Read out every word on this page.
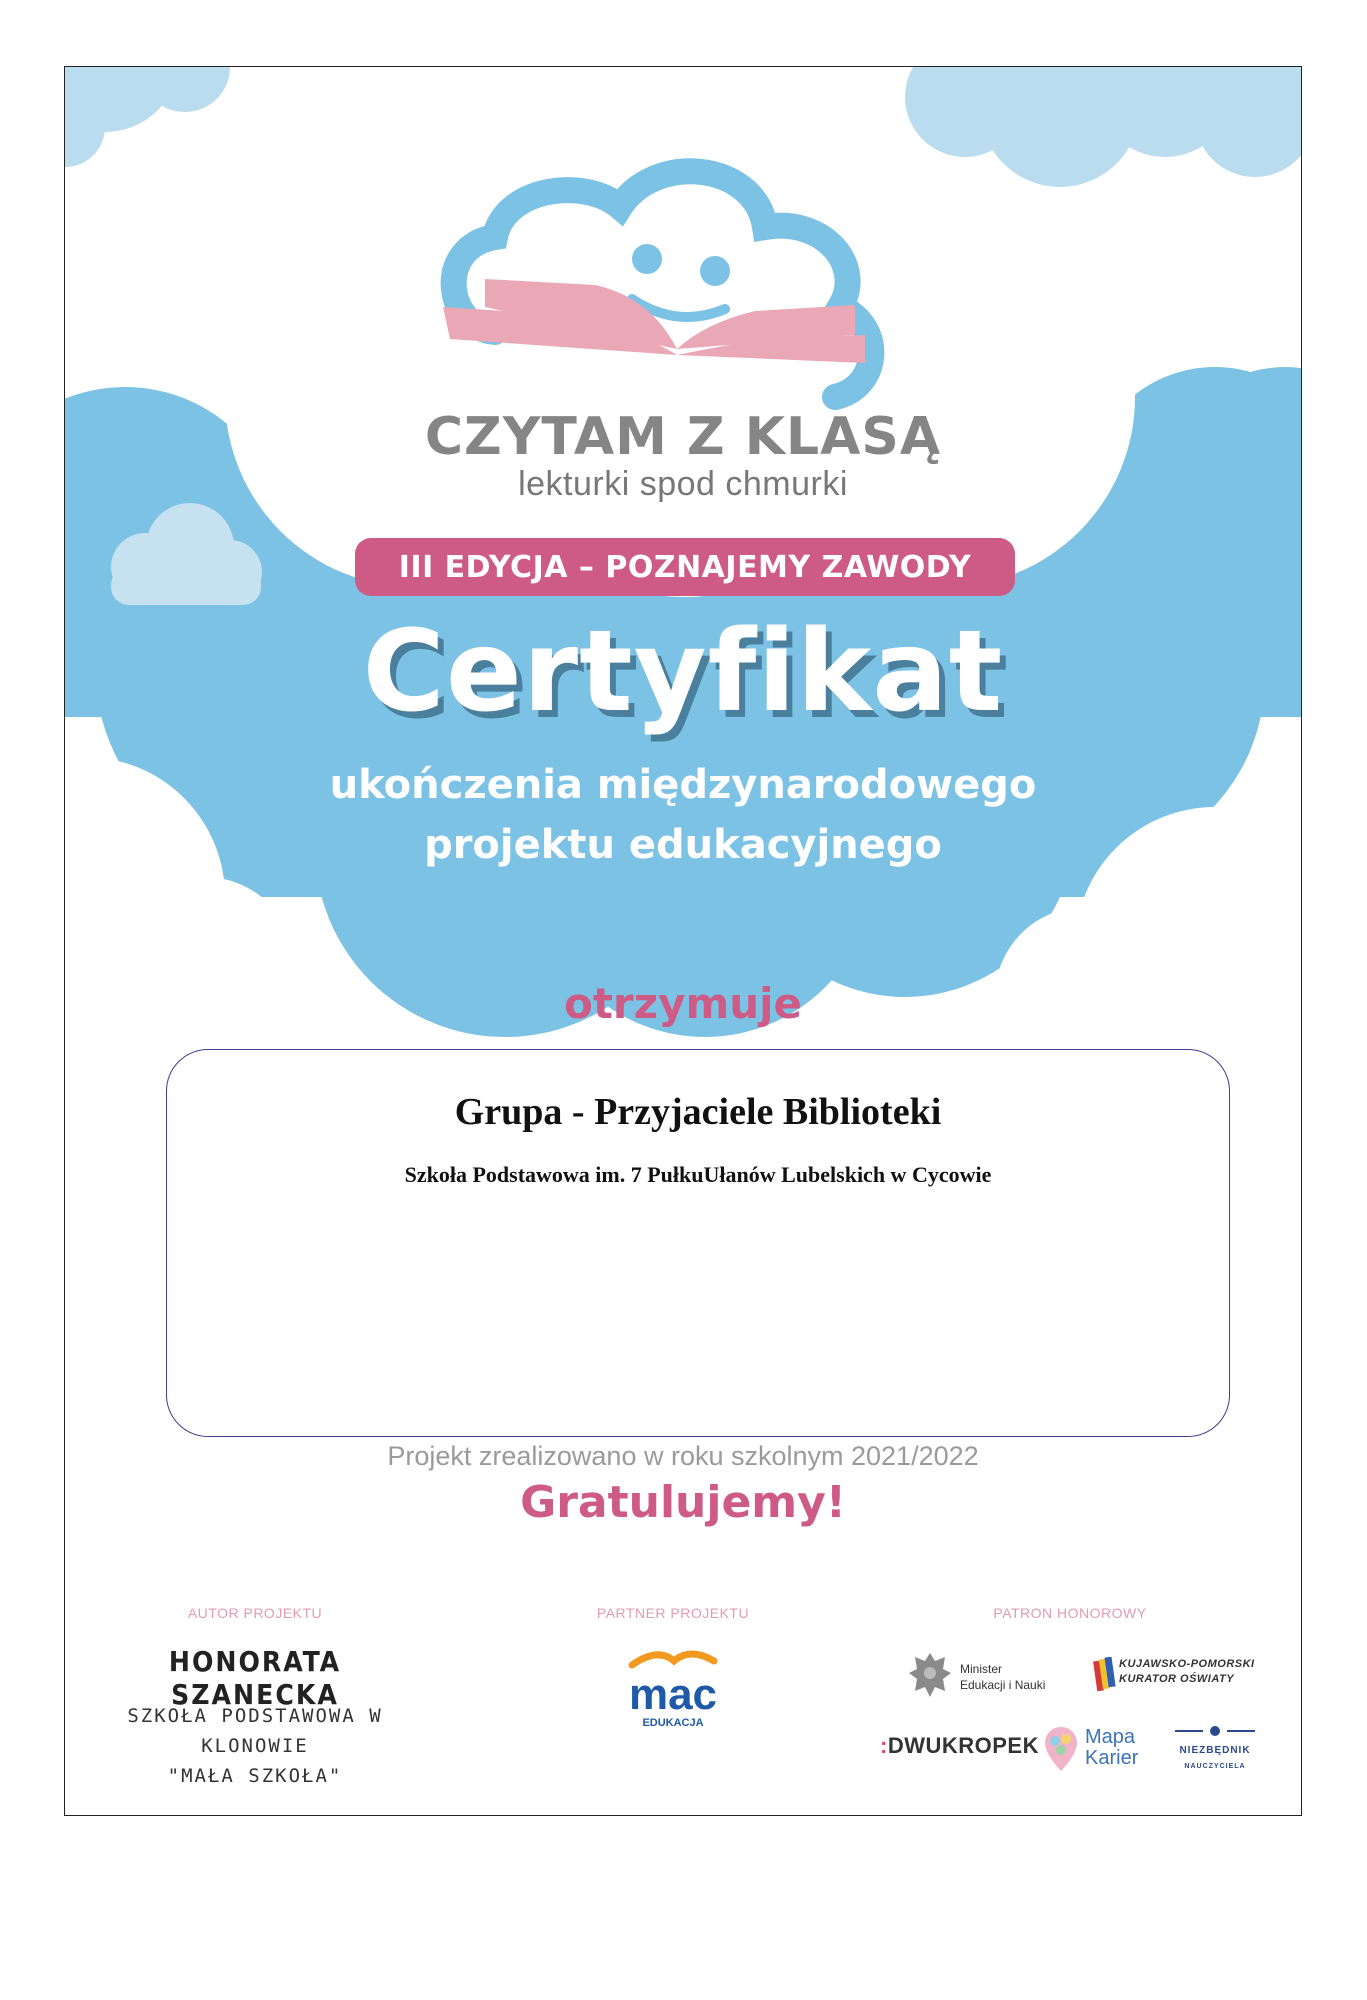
CZYTAM Z KLASĄ
lekturki spod chmurki
III EDYCJA – POZNAJEMY ZAWODY
Certyfikat
ukończenia międzynarodowego
projektu edukacyjnego
otrzymuje
Grupa - Przyjaciele Biblioteki
Szkoła Podstawowa im. 7 PułkuUłanów Lubelskich w Cycowie
Projekt zrealizowano w roku szkolnym 2021/2022
Gratulujemy!
AUTOR PROJEKTU
HONORATA SZANECKA
SZKOŁA PODSTAWOWA W KLONOWIE
"MAŁA SZKOŁA"
PARTNER PROJEKTU
mac
EDUKACJA
PATRON HONOROWY
Minister
Edukacji i Nauki
KUJAWSKO-POMORSKI
KURATOR OŚWIATY
:DWUKROPEK Mapa
Karier	NIEZBĘDNIK
NAUCZYCIELA
